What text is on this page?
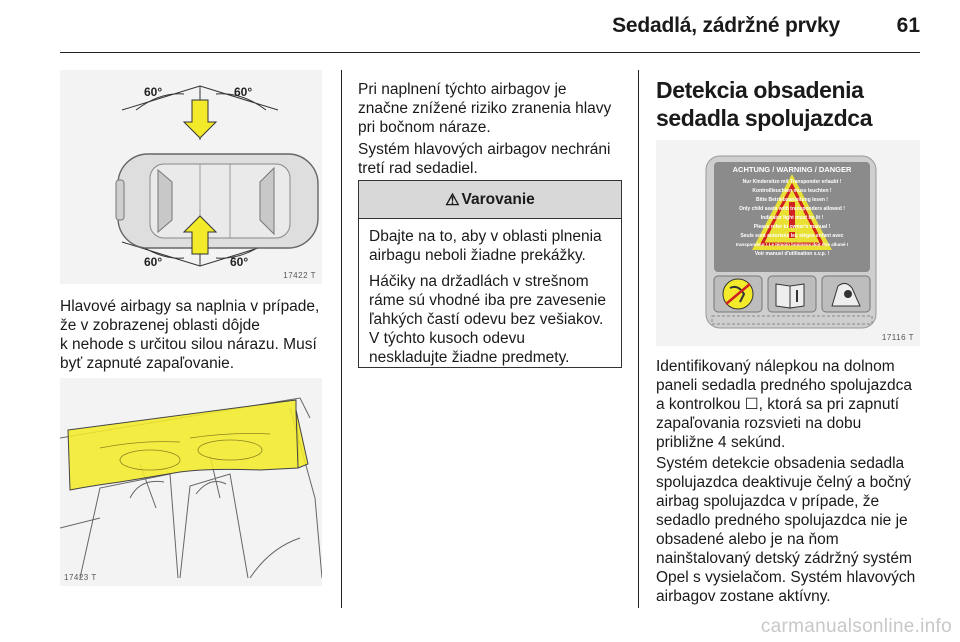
Sedadlá, zádržné prvky	61
60°	60°
60°	60°
17422 T
Hlavové airbagy sa naplnia v prípade,
že v zobrazenej oblasti dôjde
k nehode s určitou silou nárazu. Musí
byť zapnuté zapaľovanie.
17423 T
Pri naplnení týchto airbagov je
značne znížené riziko zranenia hlavy
pri bočnom náraze.
Systém hlavových airbagov nechráni
tretí rad sedadiel.
⚠ Varovanie

Dbajte na to, aby v oblasti plnenia
airbagu neboli žiadne prekážky.

Háčiky na držadlách v strešnom
ráme sú vhodné iba pre zavesenie
ľahkých častí odevu bez vešiakov.
V týchto kusoch odevu
neskladujte žiadne predmety.

Detekcia obsadenia
sedadla spolujazdca
ACHTUNG / WARNING / DANGER
Nur Kindersitze mit Transponder erlaubt !
Kontrollleuchten muss leuchten !
Bitte Betriebsanleitung lesen !
Only child seats with transponders allowed !
Indicator light must be lit !
Please refer to owner's manual !
Seuls sont autorisés les sièges enfant avec
transpondeur ! Le témoin lumineux doit être allumé !
Voir manuel d'utilisation s.v.p. !
17116 T
Identifikovaný nálepkou na dolnom
paneli sedadla predného spolujazdca
a kontrolkou ☐, ktorá sa pri zapnutí
zapaľovania rozsvieti na dobu
približne 4 sekúnd.
Systém detekcie obsadenia sedadla
spolujazdca deaktivuje čelný a bočný
airbag spolujazdca v prípade, že
sedadlo predného spolujazdca nie je
obsadené alebo je na ňom
nainštalovaný detský zádržný systém
Opel s vysielačom. Systém hlavových
airbagov zostane aktívny.
carmanualsonline.info
